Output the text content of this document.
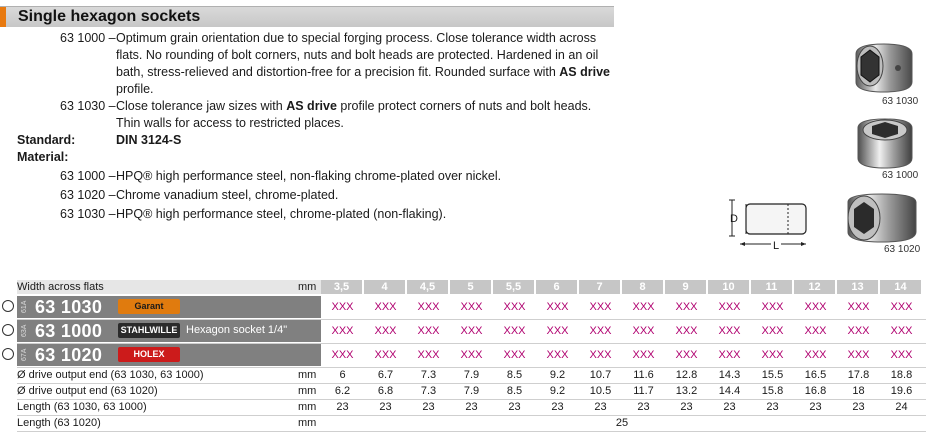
Single hexagon sockets
63 1000 – Optimum grain orientation due to special forging process. Close tolerance width across flats. No rounding of bolt corners, nuts and bolt heads are protected. Hardened in an oil bath, stress-relieved and distortion-free for a precision fit. Rounded surface with AS drive profile.
63 1030 – Close tolerance jaw sizes with AS drive profile protect corners of nuts and bolt heads. Thin walls for access to restricted places.
Standard:	DIN 3124-S
Material:
63 1000 – HPQ® high performance steel, non-flaking chrome-plated over nickel.
63 1020 – Chrome vanadium steel, chrome-plated.
63 1030 – HPQ® high performance steel, chrome-plated (non-flaking).
63 1030
63 1000
D
L	63 1020
Width across flats	mm	3,5	4	4,5	5	5,5	6	7	8	9	10	11	12	13	14
61A 63 1030	Garant	XXX	XXX	XXX	XXX	XXX	XXX	XXX	XXX	XXX	XXX	XXX	XXX	XXX	XXX
63A 63 1000 STAHLWILLE Hexagon socket 1/4"	XXX	XXX	XXX	XXX	XXX	XXX	XXX	XXX	XXX	XXX	XXX	XXX	XXX	XXX
67A 63 1020	HOLEX	XXX	XXX	XXX	XXX	XXX	XXX	XXX	XXX	XXX	XXX	XXX	XXX	XXX	XXX
Ø drive output end (63 1030, 63 1000)	mm	6	6.7	7.3	7.9	8.5	9.2	10.7	11.6	12.8	14.3	15.5	16.5	17.8	18.8
Ø drive output end (63 1020)	mm	6.2	6.8	7.3	7.9	8.5	9.2	10.5	11.7	13.2	14.4	15.8	16.8	18	19.6
Length (63 1030, 63 1000)	mm	23	23	23	23	23	23	23	23	23	23	23	23	23	24
Length (63 1020)	mm	25
